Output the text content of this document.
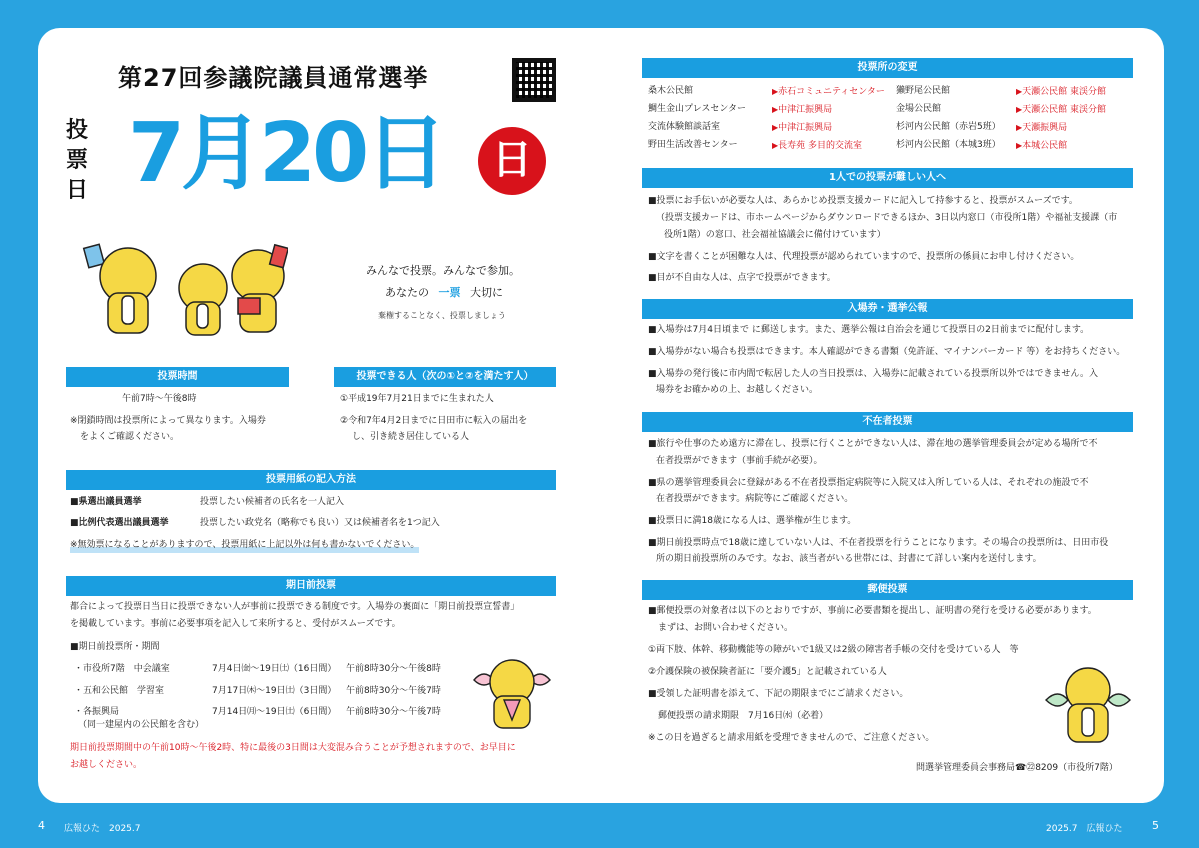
第27回参議院議員通常選挙
投
票
日 7月20日	日
みんなで投票。みんなで参加。
あなたの 一票 大切に
棄権することなく、投票しましょう
投票時間
午前7時～午後8時
※閉鎖時間は投票所によって異なります。入場券
をよくご確認ください。
投票できる人（次の①と②を満たす人）
①平成19年7月21日までに生まれた人
②令和7年4月2日までに日田市に転入の届出を
し、引き続き居住している人
投票用紙の記入方法
■県選出議員選挙	投票したい候補者の氏名を一人記入
■比例代表選出議員選挙	投票したい政党名（略称でも良い）又は候補者名を1つ記入
※無効票になることがありますので、投票用紙に上記以外は何も書かないでください。
期日前投票
都合によって投票日当日に投票できない人が事前に投票できる制度です。入場券の裏面に「期日前投票宣誓書」
を掲載しています。事前に必要事項を記入して来所すると、受付がスムーズです。
■期日前投票所・期間
・市役所7階　中会議室	7月4日㈮～19日㈯（16日間） 午前8時30分～午後8時
・五和公民館　学習室	7月17日㈭～19日㈯（3日間） 午前8時30分～午後7時
・各振興局	7月14日㈪～19日㈯（6日間） 午前8時30分～午後7時
（同一建屋内の公民館を含む）
期日前投票期間中の午前10時～午後2時、特に最後の3日間は大変混み合うことが予想されますので、お早目に
お越しください。
投票所の変更
桑木公民館	▶赤石コミュニティセンター 獺野尾公民館	▶天瀬公民館 東渓分館
鯛生金山プレスセンター	▶中津江振興局	金場公民館	▶天瀬公民館 東渓分館
交流体験館談話室	▶中津江振興局	杉河内公民館（赤岩5班） ▶天瀬振興局
野田生活改善センター	▶長寿苑 多目的交流室	杉河内公民館（本城3班） ▶本城公民館
1人での投票が難しい人へ
■投票にお手伝いが必要な人は、あらかじめ投票支援カードに記入して持参すると、投票がスムーズです。
（投票支援カードは、市ホームページからダウンロードできるほか、3日以内窓口（市役所1階）や福祉支援課（市
役所1階）の窓口、社会福祉協議会に備付けています）
■文字を書くことが困難な人は、代理投票が認められていますので、投票所の係員にお申し付けください。
■目が不自由な人は、点字で投票ができます。
入場券・選挙公報
■入場券は7月4日頃まで に郵送します。また、選挙公報は自治会を通じて投票日の2日前までに配付します。
■入場券がない場合も投票はできます。本人確認ができる書類（免許証、マイナンバーカード 等）をお持ちください。
■入場券の発行後に市内間で転居した人の当日投票は、入場券に記載されている投票所以外ではできません。入
場券をお確かめの上、お越しください。
不在者投票
■旅行や仕事のため遠方に滞在し、投票に行くことができない人は、滞在地の選挙管理委員会が定める場所で不
在者投票ができます（事前手続が必要）。
■県の選挙管理委員会に登録がある不在者投票指定病院等に入院又は入所している人は、それぞれの施設で不
在者投票ができます。病院等にご確認ください。
■投票日に満18歳になる人は、選挙権が生じます。
■期日前投票時点で18歳に達していない人は、不在者投票を行うことになります。その場合の投票所は、日田市役
所の期日前投票所のみです。なお、該当者がいる世帯には、封書にて詳しい案内を送付します。
郵便投票
■郵便投票の対象者は以下のとおりですが、事前に必要書類を提出し、証明書の発行を受ける必要があります。
まずは、お問い合わせください。
①両下肢、体幹、移動機能等の障がいで1級又は2級の障害者手帳の交付を受けている人　等
②介護保険の被保険者証に「要介護5」と記載されている人
■受領した証明書を添えて、下記の期限までにご請求ください。
郵便投票の請求期限　7月16日㈬（必着）
※この日を過ぎると請求用紙を受理できませんので、ご注意ください。
問選挙管理委員会事務局☎㉒8209（市役所7階）
4 広報ひた　2025.7	2025.7　広報ひた	5
